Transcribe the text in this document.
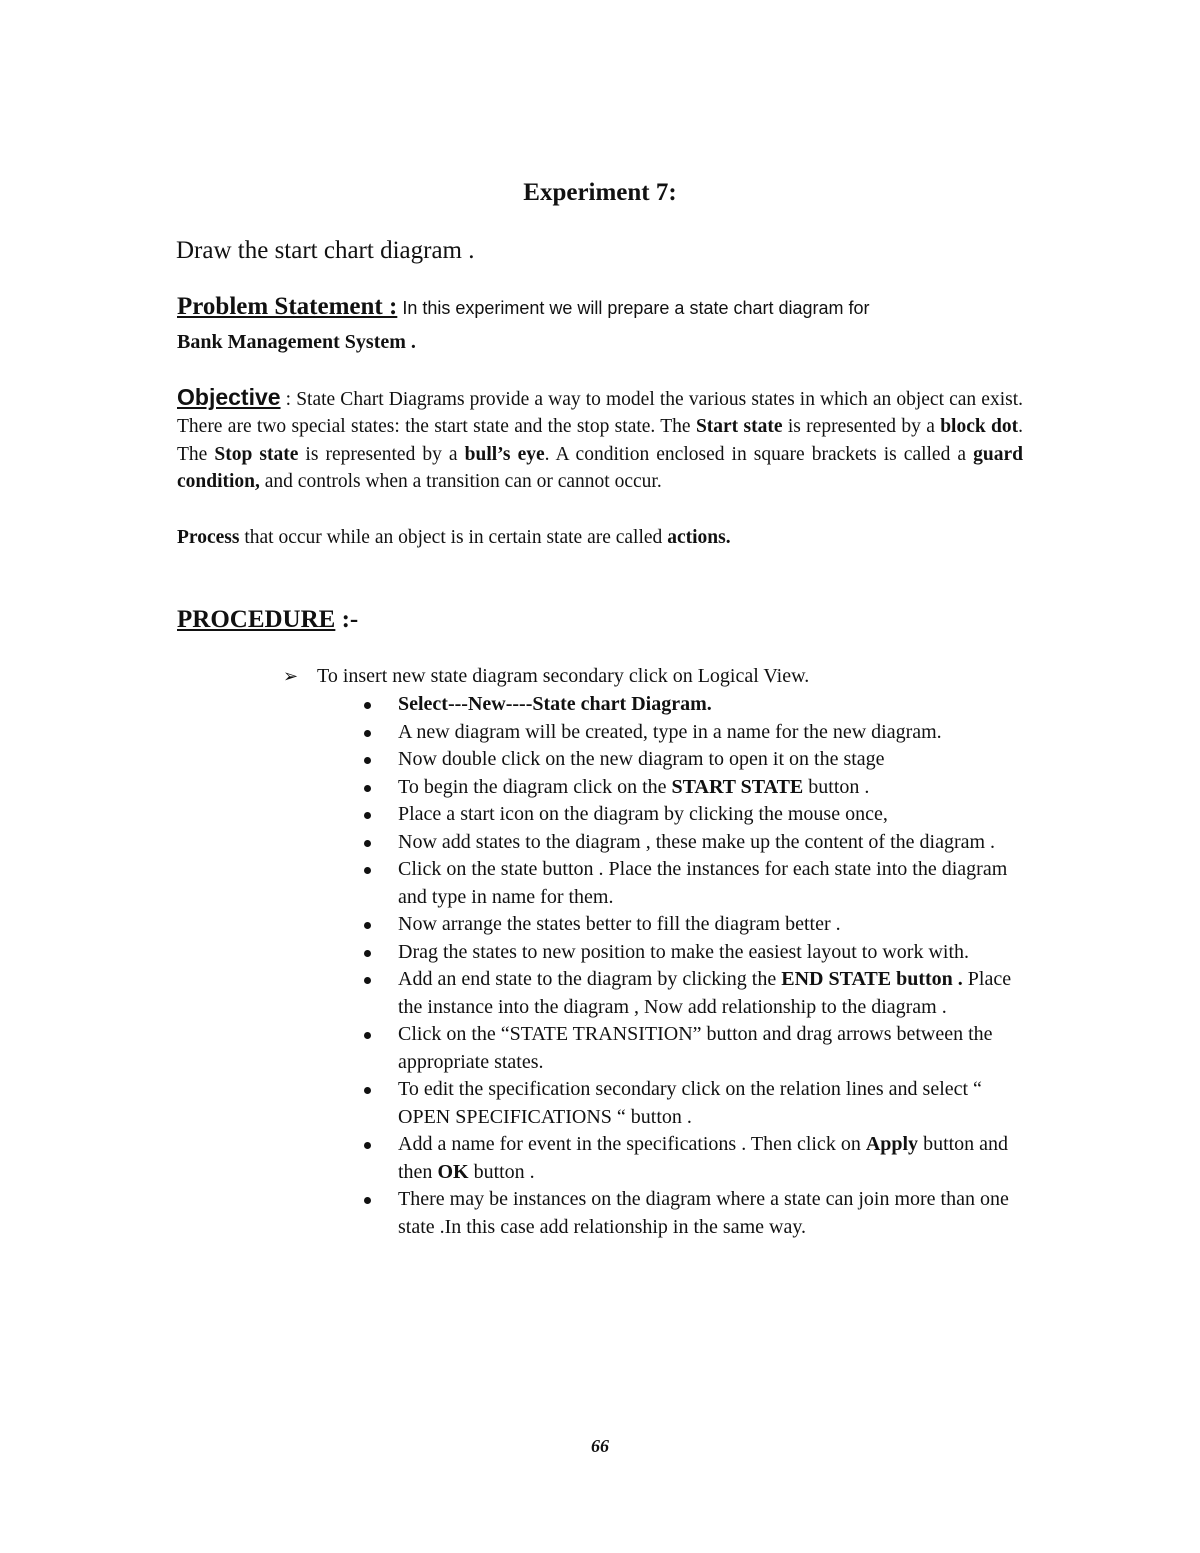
Experiment 7:
Draw the start chart diagram .
Problem Statement : In this experiment we will prepare a state chart diagram for
Bank Management System .
Objective : State Chart Diagrams provide a way to model the various states in which an object can exist. There are two special states: the start state and the stop state. The Start state is represented by a block dot. The Stop state is represented by a bull’s eye. A condition enclosed in square brackets is called a guard condition, and controls when a transition can or cannot occur.
Process that occur while an object is in certain state are called actions.
PROCEDURE :-
➢ To insert new state diagram secondary click on Logical View.
Select---New----State chart Diagram.
A new diagram will be created, type in a name for the new diagram.
Now double click on the new diagram to open it on the stage
To begin the diagram click on the START STATE button .
Place a start icon on the diagram by clicking the mouse once,
Now add states to the diagram , these make up the content of the diagram .
Click on the state button . Place the instances for each state into the diagram and type in name for them.
Now arrange the states better to fill the diagram better .
Drag the states to new position to make the easiest layout to work with.
Add an end state to the diagram by clicking the END STATE button . Place the instance into the diagram , Now add relationship to the diagram .
Click on the “STATE TRANSITION” button and drag arrows between the appropriate states.
To edit the specification secondary click on the relation lines and select “ OPEN SPECIFICATIONS “ button .
Add a name for event in the specifications . Then click on Apply button and then OK button .
There may be instances on the diagram where a state can join more than one state .In this case add relationship in the same way.
66
